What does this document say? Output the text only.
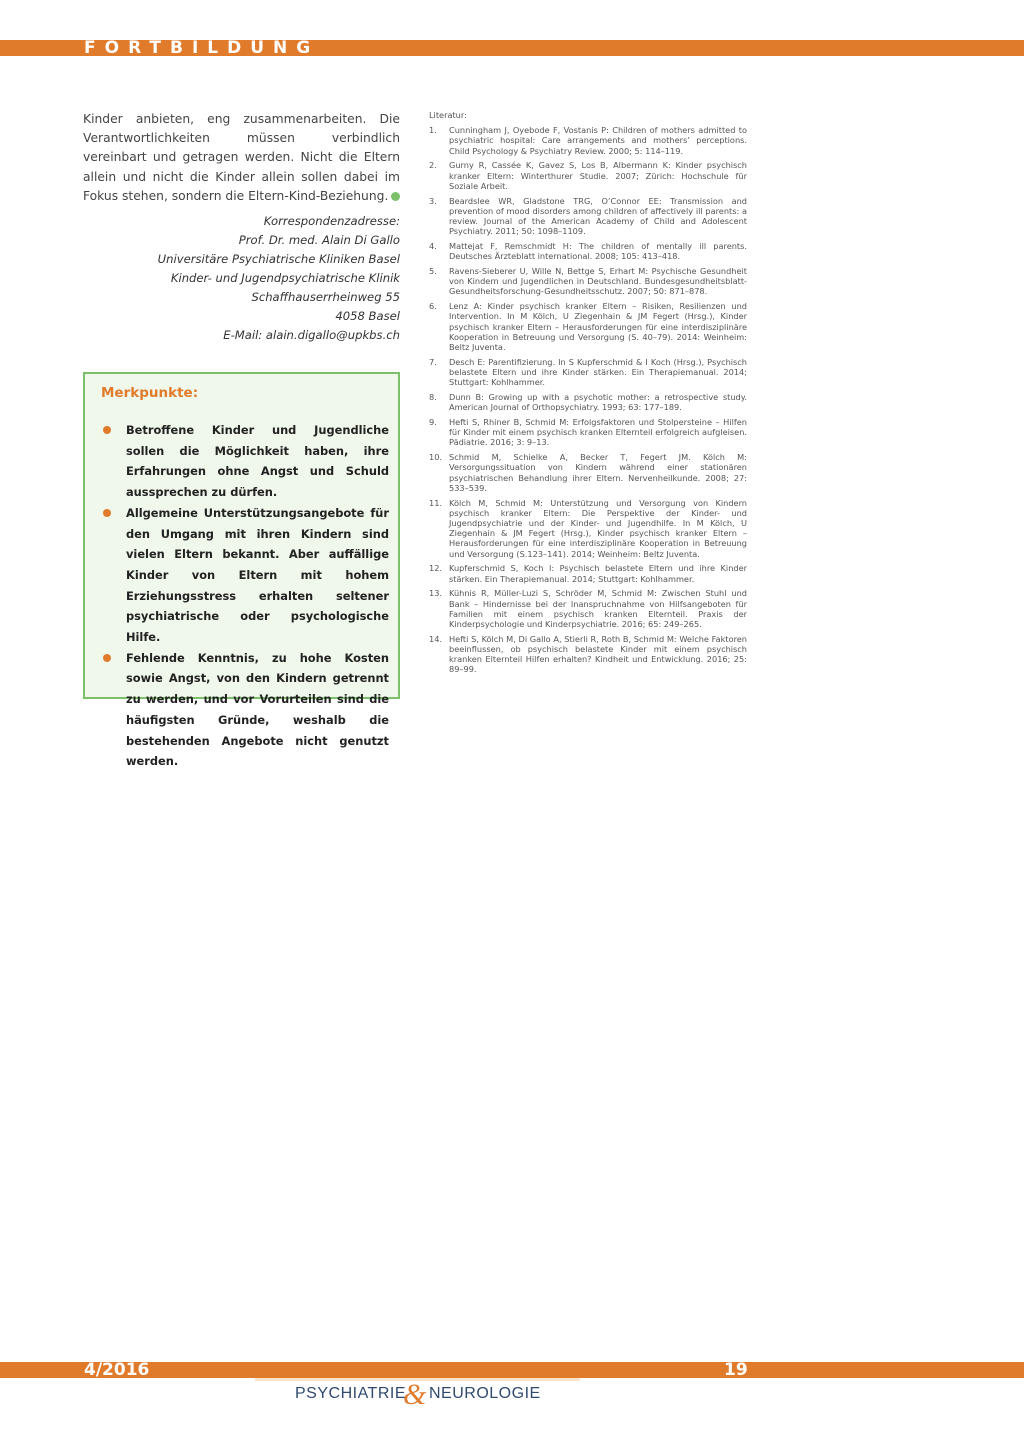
FORTBILDUNG

Kinder anbieten, eng zusammenarbeiten. Die Verantwortlichkeiten müssen verbindlich vereinbart und getragen werden. Nicht die Eltern allein und nicht die Kinder allein sollen dabei im Fokus stehen, sondern die Eltern-Kind-Beziehung.

Korrespondenzadresse:
Prof. Dr. med. Alain Di Gallo
Universitäre Psychiatrische Kliniken Basel
Kinder- und Jugendpsychiatrische Klinik
Schaffhauserrheinweg 55
4058 Basel
E-Mail: alain.digallo@upkbs.ch
Merkpunkte:
Betroffene Kinder und Jugendliche sollen die Möglichkeit haben, ihre Erfahrungen ohne Angst und Schuld aussprechen zu dürfen.
Allgemeine Unterstützungsangebote für den Umgang mit ihren Kindern sind vielen Eltern bekannt. Aber auffällige Kinder von Eltern mit hohem Erziehungsstress erhalten seltener psychiatrische oder psychologische Hilfe.
Fehlende Kenntnis, zu hohe Kosten sowie Angst, von den Kindern getrennt zu werden, und vor Vorurteilen sind die häufigsten Gründe, weshalb die bestehenden Angebote nicht genutzt werden.
Literatur:
1. Cunningham J, Oyebode F, Vostanis P: Children of mothers admitted to psychiatric hospital: Care arrangements and mothers’ perceptions. Child Psychology & Psychiatry Review. 2000; 5: 114–119.
2. Gurny R, Cassée K, Gavez S, Los B, Albermann K: Kinder psychisch kranker Eltern: Winterthurer Studie. 2007; Zürich: Hochschule für Soziale Arbeit.
3. Beardslee WR, Gladstone TRG, O’Connor EE: Transmission and prevention of mood disorders among children of affectively ill parents: a review. Journal of the American Academy of Child and Adolescent Psychiatry. 2011; 50: 1098–1109.
4. Mattejat F, Remschmidt H: The children of mentally ill parents. Deutsches Ärzteblatt international. 2008; 105: 413–418.
5. Ravens-Sieberer U, Wille N, Bettge S, Erhart M: Psychische Gesundheit von Kindern und Jugendlichen in Deutschland. Bundesgesundheitsblatt-Gesundheitsforschung-Gesundheitsschutz. 2007; 50: 871–878.
6. Lenz A: Kinder psychisch kranker Eltern – Risiken, Resilienzen und Intervention. In M Kölch, U Ziegenhain & JM Fegert (Hrsg.), Kinder psychisch kranker Eltern – Herausforderungen für eine interdisziplinäre Kooperation in Betreuung und Versorgung (S. 40–79). 2014: Weinheim: Beltz Juventa.
7. Desch E: Parentifizierung. In S Kupferschmid & I Koch (Hrsg.), Psychisch belastete Eltern und ihre Kinder stärken. Ein Therapiemanual. 2014; Stuttgart: Kohlhammer.
8. Dunn B: Growing up with a psychotic mother: a retrospective study. American Journal of Orthopsychiatry. 1993; 63: 177–189.
9. Hefti S, Rhiner B, Schmid M: Erfolgsfaktoren und Stolpersteine – Hilfen für Kinder mit einem psychisch kranken Elternteil erfolgreich aufgleisen. Pädiatrie. 2016; 3: 9–13.
10. Schmid M, Schielke A, Becker T, Fegert JM. Kölch M: Versorgungssituation von Kindern während einer stationären psychiatrischen Behandlung ihrer Eltern. Nervenheilkunde. 2008; 27: 533–539.
11. Kölch M, Schmid M: Unterstützung und Versorgung von Kindern psychisch kranker Eltern: Die Perspektive der Kinder- und Jugendpsychiatrie und der Kinder- und Jugendhilfe. In M Kölch, U Ziegenhain & JM Fegert (Hrsg.), Kinder psychisch kranker Eltern – Herausforderungen für eine interdisziplinäre Kooperation in Betreuung und Versorgung (S.123–141). 2014; Weinheim: Beltz Juventa.
12. Kupferschmid S, Koch I: Psychisch belastete Eltern und ihre Kinder stärken. Ein Therapiemanual. 2014; Stuttgart: Kohlhammer.
13. Kühnis R, Müller-Luzi S, Schröder M, Schmid M: Zwischen Stuhl und Bank – Hindernisse bei der Inanspruchnahme von Hilfsangeboten für Familien mit einem psychisch kranken Elternteil. Praxis der Kinderpsychologie und Kinderpsychiatrie. 2016; 65: 249–265.
14. Hefti S, Kölch M, Di Gallo A, Stierli R, Roth B, Schmid M: Welche Faktoren beeinflussen, ob psychisch belastete Kinder mit einem psychisch kranken Elternteil Hilfen erhalten? Kindheit und Entwicklung. 2016; 25: 89–99.
4/2016	19
PSYCHIATRIE
& NEUROLOGIE
